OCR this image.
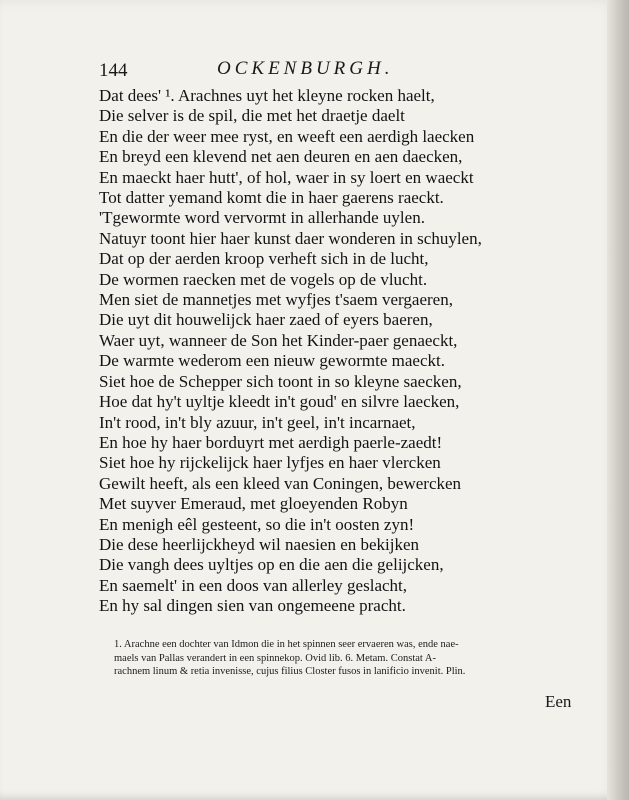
144	OCKENBURGH.
Dat dees' ¹. Arachnes uyt het kleyne rocken haelt,
Die selver is de spil, die met het draetje daelt
En die der weer mee ryst, en weeft een aerdigh laecken
En breyd een klevend net aen deuren en aen daecken,
En maeckt haer hutt', of hol, waer in sy loert en waeckt
Tot datter yemand komt die in haer gaerens raeckt.
'Tgewormte word vervormt in allerhande uylen.
Natuyr toont hier haer kunst daer wonderen in schuylen,
Dat op der aerden kroop verheft sich in de lucht,
De wormen raecken met de vogels op de vlucht.
Men siet de mannetjes met wyfjes t'saem vergaeren,
Die uyt dit houwelijck haer zaed of eyers baeren,
Waer uyt, wanneer de Son het Kinder-paer genaeckt,
De warmte wederom een nieuw gewormte maeckt.
Siet hoe de Schepper sich toont in so kleyne saecken,
Hoe dat hy't uyltje kleedt in't goud' en silvre laecken,
In't rood, in't bly azuur, in't geel, in't incarnaet,
En hoe hy haer borduyrt met aerdigh paerle-zaedt!
Siet hoe hy rijckelijck haer lyfjes en haer vlercken
Gewilt heeft, als een kleed van Coningen, bewercken
Met suyver Emeraud, met gloeyenden Robyn
En menigh eêl gesteent, so die in't oosten zyn!
Die dese heerlijckheyd wil naesien en bekijken
Die vangh dees uyltjes op en die aen die gelijcken,
En saemelt' in een doos van allerley geslacht,
En hy sal dingen sien van ongemeene pracht.
1. Arachne een dochter van Idmon die in het spinnen seer ervaeren was, ende nae-
maels van Pallas verandert in een spinnekop. Ovid lib. 6. Metam. Constat A-
rachnem linum & retia invenisse, cujus filius Closter fusos in lanificio invenit. Plin.
Een
